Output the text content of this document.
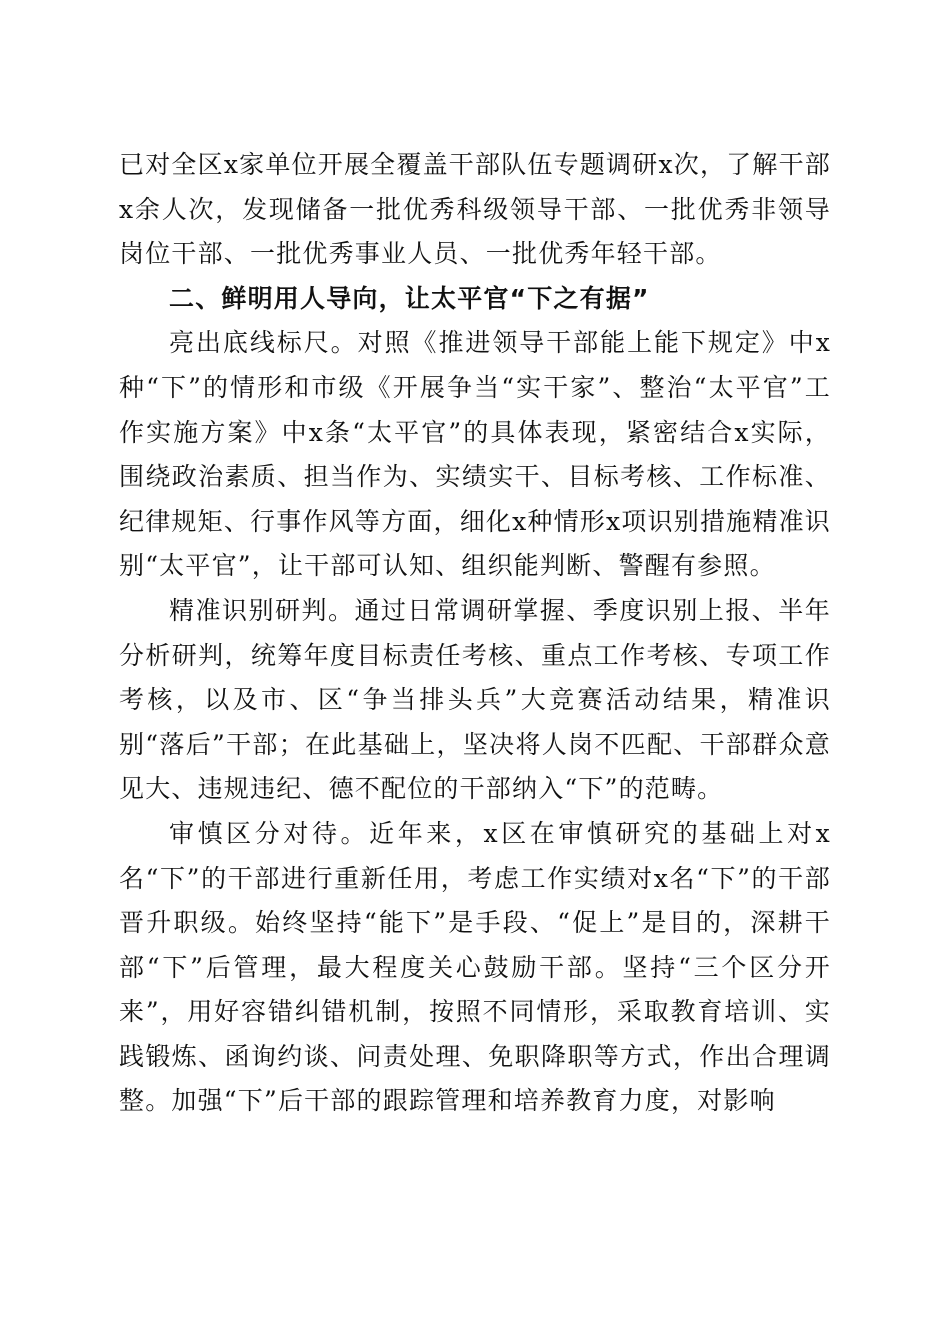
已对全区x家单位开展全覆盖干部队伍专题调研x次，了解干部x余人次，发现储备一批优秀科级领导干部、一批优秀非领导岗位干部、一批优秀事业人员、一批优秀年轻干部。

二、鲜明用人导向，让太平官“下之有据”

亮出底线标尺。对照《推进领导干部能上能下规定》中x种“下”的情形和市级《开展争当“实干家”、整治“太平官”工作实施方案》中x条“太平官”的具体表现，紧密结合x实际，围绕政治素质、担当作为、实绩实干、目标考核、工作标准、纪律规矩、行事作风等方面，细化x种情形x项识别措施精准识别“太平官”，让干部可认知、组织能判断、警醒有参照。

精准识别研判。通过日常调研掌握、季度识别上报、半年分析研判，统筹年度目标责任考核、重点工作考核、专项工作考核，以及市、区“争当排头兵”大竞赛活动结果，精准识别“落后”干部；在此基础上，坚决将人岗不匹配、干部群众意见大、违规违纪、德不配位的干部纳入“下”的范畴。

审慎区分对待。近年来，x区在审慎研究的基础上对x名“下”的干部进行重新任用，考虑工作实绩对x名“下”的干部晋升职级。始终坚持“能下”是手段、“促上”是目的，深耕干部“下”后管理，最大程度关心鼓励干部。坚持“三个区分开来”，用好容错纠错机制，按照不同情形，采取教育培训、实践锻炼、函询约谈、问责处理、免职降职等方式，作出合理调整。加强“下”后干部的跟踪管理和培养教育力度，对影响
